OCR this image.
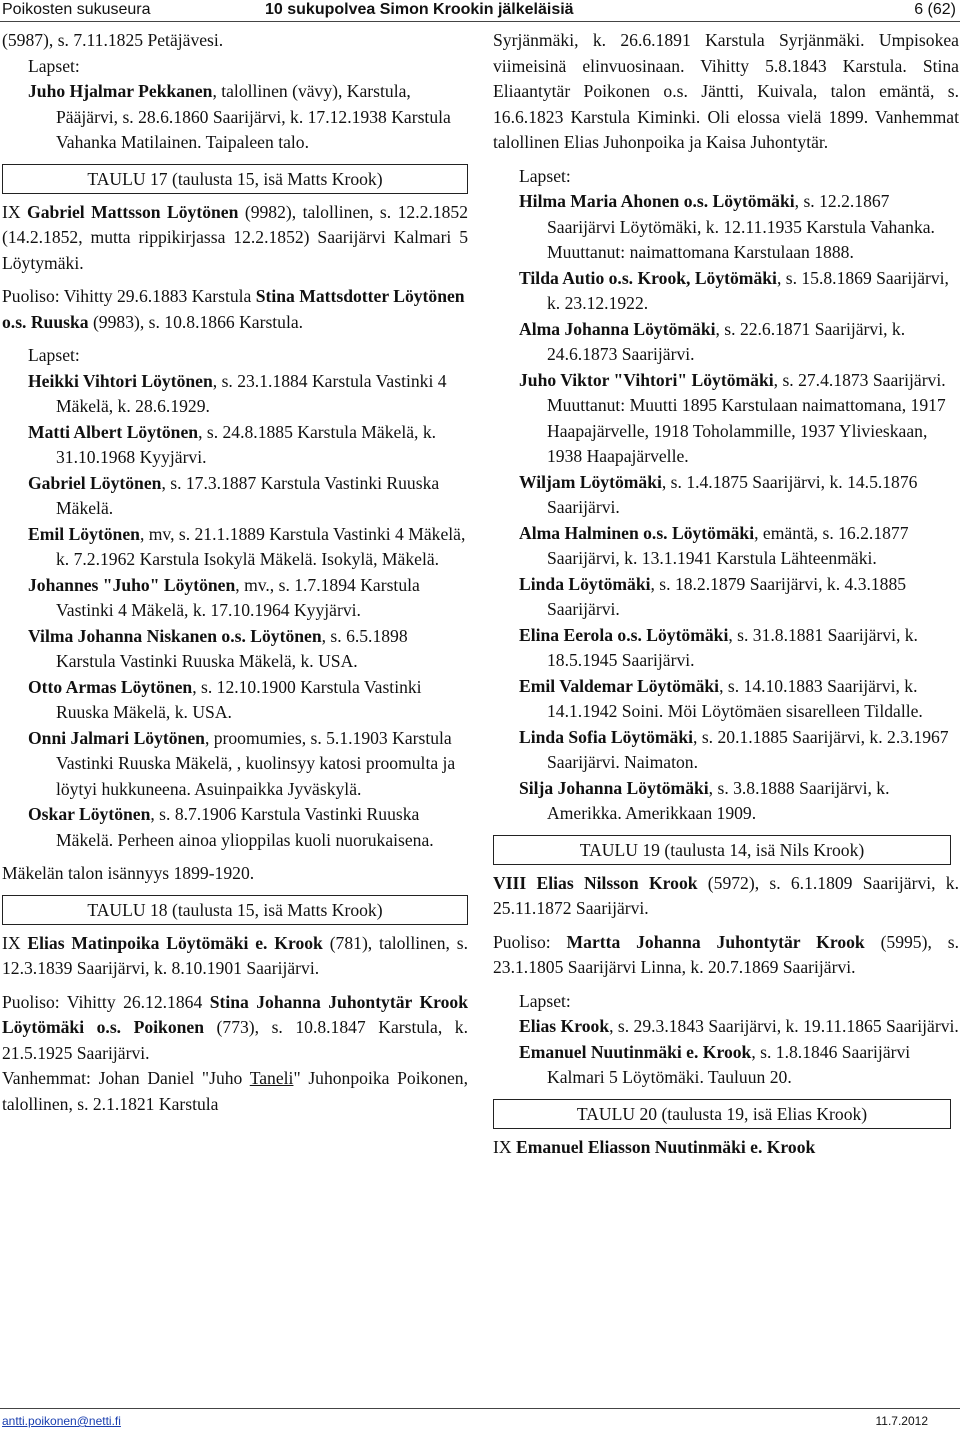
Poikosten sukuseura	10 sukupolvea Simon Krookin jälkeläisiä	6 (62)
(5987), s. 7.11.1825 Petäjävesi.
Lapset:
Juho Hjalmar Pekkanen, talollinen (vävy), Karstula, Pääjärvi, s. 28.6.1860 Saarijärvi, k. 17.12.1938 Karstula Vahanka Matilainen. Taipaleen talo.
TAULU 17 (taulusta 15, isä Matts Krook)
IX Gabriel Mattsson Löytönen (9982), talollinen, s. 12.2.1852 (14.2.1852, mutta rippikirjassa 12.2.1852) Saarijärvi Kalmari 5 Löytymäki.
Puoliso: Vihitty 29.6.1883 Karstula Stina Mattsdotter Löytönen o.s. Ruuska (9983), s. 10.8.1866 Karstula.
Lapset:
Heikki Vihtori Löytönen, s. 23.1.1884 Karstula Vastinki 4 Mäkelä, k. 28.6.1929.
Matti Albert Löytönen, s. 24.8.1885 Karstula Mäkelä, k. 31.10.1968 Kyyjärvi.
Gabriel Löytönen, s. 17.3.1887 Karstula Vastinki Ruuska Mäkelä.
Emil Löytönen, mv, s. 21.1.1889 Karstula Vastinki 4 Mäkelä, k. 7.2.1962 Karstula Isokylä Mäkelä. Isokylä, Mäkelä.
Johannes "Juho" Löytönen, mv., s. 1.7.1894 Karstula Vastinki 4 Mäkelä, k. 17.10.1964 Kyyjärvi.
Vilma Johanna Niskanen o.s. Löytönen, s. 6.5.1898 Karstula Vastinki Ruuska Mäkelä, k. USA.
Otto Armas Löytönen, s. 12.10.1900 Karstula Vastinki Ruuska Mäkelä, k. USA.
Onni Jalmari Löytönen, proomumies, s. 5.1.1903 Karstula Vastinki Ruuska Mäkelä, , kuolinsyy katosi proomulta ja löytyi hukkuneena. Asuinpaikka Jyväskylä.
Oskar Löytönen, s. 8.7.1906 Karstula Vastinki Ruuska Mäkelä. Perheen ainoa ylioppilas kuoli nuorukaisena.
Mäkelän talon isännyys 1899-1920.
TAULU 18 (taulusta 15, isä Matts Krook)
IX Elias Matinpoika Löytömäki e. Krook (781), talollinen, s. 12.3.1839 Saarijärvi, k. 8.10.1901 Saarijärvi.
Puoliso: Vihitty 26.12.1864 Stina Johanna Juhontytär Krook Löytömäki o.s. Poikonen (773), s. 10.8.1847 Karstula, k. 21.5.1925 Saarijärvi.
Vanhemmat: Johan Daniel "Juho Taneli" Juhonpoika Poikonen, talollinen, s. 2.1.1821 Karstula
Syrjänmäki, k. 26.6.1891 Karstula Syrjänmäki. Umpisokea viimeisinä elinvuosinaan. Vihitty 5.8.1843 Karstula. Stina Eliaantytär Poikonen o.s. Jäntti, Kuivala, talon emäntä, s. 16.6.1823 Karstula Kiminki. Oli elossa vielä 1899. Vanhemmat talollinen Elias Juhonpoika ja Kaisa Juhontytär.
Lapset:
Hilma Maria Ahonen o.s. Löytömäki, s. 12.2.1867 Saarijärvi Löytömäki, k. 12.11.1935 Karstula Vahanka. Muuttanut: naimattomana Karstulaan 1888.
Tilda Autio o.s. Krook, Löytömäki, s. 15.8.1869 Saarijärvi, k. 23.12.1922.
Alma Johanna Löytömäki, s. 22.6.1871 Saarijärvi, k. 24.6.1873 Saarijärvi.
Juho Viktor "Vihtori" Löytömäki, s. 27.4.1873 Saarijärvi. Muuttanut: Muutti 1895 Karstulaan naimattomana, 1917 Haapajärvelle, 1918 Toholammille, 1937 Ylivieskaan, 1938 Haapajärvelle.
Wiljam Löytömäki, s. 1.4.1875 Saarijärvi, k. 14.5.1876 Saarijärvi.
Alma Halminen o.s. Löytömäki, emäntä, s. 16.2.1877 Saarijärvi, k. 13.1.1941 Karstula Lähteenmäki.
Linda Löytömäki, s. 18.2.1879 Saarijärvi, k. 4.3.1885 Saarijärvi.
Elina Eerola o.s. Löytömäki, s. 31.8.1881 Saarijärvi, k. 18.5.1945 Saarijärvi.
Emil Valdemar Löytömäki, s. 14.10.1883 Saarijärvi, k. 14.1.1942 Soini. Möi Löytömäen sisarelleen Tildalle.
Linda Sofia Löytömäki, s. 20.1.1885 Saarijärvi, k. 2.3.1967 Saarijärvi. Naimaton.
Silja Johanna Löytömäki, s. 3.8.1888 Saarijärvi, k. Amerikka. Amerikkaan 1909.
TAULU 19 (taulusta 14, isä Nils Krook)
VIII Elias Nilsson Krook (5972), s. 6.1.1809 Saarijärvi, k. 25.11.1872 Saarijärvi.
Puoliso: Martta Johanna Juhontytär Krook (5995), s. 23.1.1805 Saarijärvi Linna, k. 20.7.1869 Saarijärvi.
Lapset:
Elias Krook, s. 29.3.1843 Saarijärvi, k. 19.11.1865 Saarijärvi.
Emanuel Nuutinmäki e. Krook, s. 1.8.1846 Saarijärvi Kalmari 5 Löytömäki. Tauluun 20.
TAULU 20 (taulusta 19, isä Elias Krook)
IX Emanuel Eliasson Nuutinmäki e. Krook
antti.poikonen@netti.fi	11.7.2012
